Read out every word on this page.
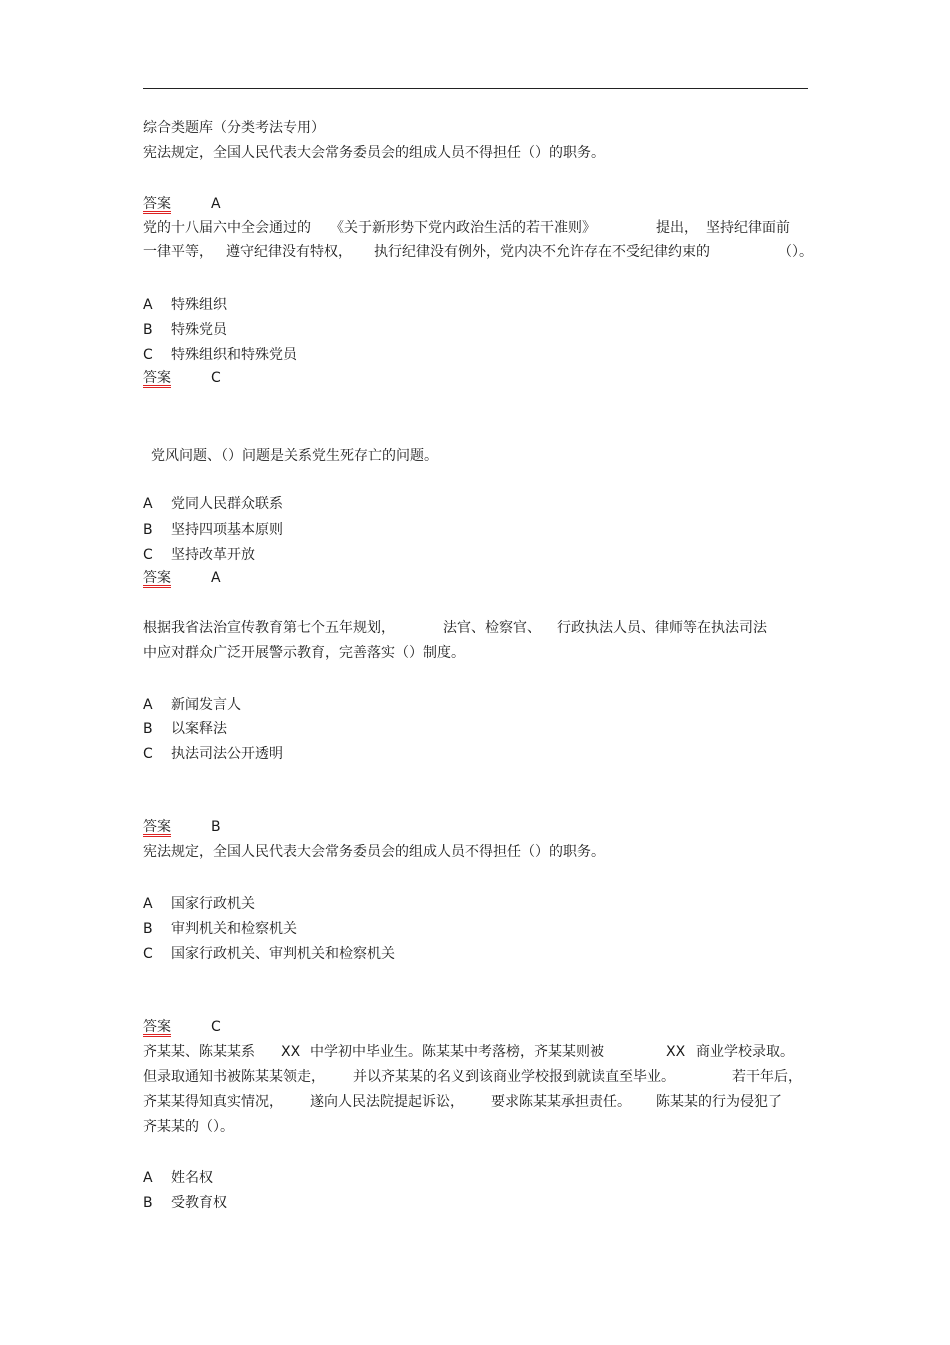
综合类题库（分类考法专用）
宪法规定，全国人民代表大会常务委员会的组成人员不得担任（）的职务。
答案	A
党的十八届六中全会通过的 《关于新形势下党内政治生活的若干准则》	提出， 坚持纪律面前
一律平等， 遵守纪律没有特权， 执行纪律没有例外，党内决不允许存在不受纪律约束的	（）。
A 特殊组织
B 特殊党员
C 特殊组织和特殊党员
答案	C
党风问题、（）问题是关系党生死存亡的问题。
A 党同人民群众联系
B 坚持四项基本原则
C 坚持改革开放
答案	A
根据我省法治宣传教育第七个五年规划，	法官、检察官、 行政执法人员、律师等在执法司法
中应对群众广泛开展警示教育，完善落实（）制度。
A 新闻发言人
B 以案释法
C 执法司法公开透明
答案	B
宪法规定，全国人民代表大会常务委员会的组成人员不得担任（）的职务。
A 国家行政机关
B 审判机关和检察机关
C 国家行政机关、审判机关和检察机关
答案	C
齐某某、陈某某系 XX 中学初中毕业生。陈某某中考落榜，齐某某则被	XX 商业学校录取。
但录取通知书被陈某某领走， 并以齐某某的名义到该商业学校报到就读直至毕业。	若干年后，
齐某某得知真实情况， 遂向人民法院提起诉讼， 要求陈某某承担责任。 陈某某的行为侵犯了
齐某某的（）。
A 姓名权
B 受教育权
